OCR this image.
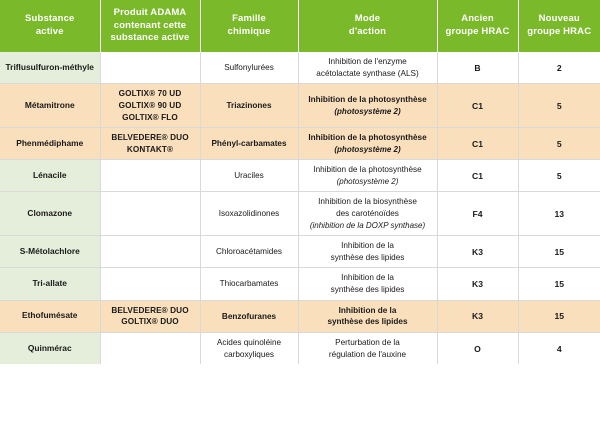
Substance
active	Produit ADAMA
contenant cette
substance active	Famille
chimique	Mode
d'action	Ancien
groupe HRAC	Nouveau
groupe HRAC

Triflusulfuron-méthyle		Sulfonylurées	Inhibition de l'enzyme
acétolactate synthase (ALS)	B	2
Métamitrone	GOLTIX® 70 UD
GOLTIX® 90 UD
GOLTIX® FLO	Triazinones	Inhibition de la photosynthèse
(photosystème 2)	C1	5
Phenmédiphame	BELVEDERE® DUO
KONTAKT®	Phényl-carbamates	Inhibition de la photosynthèse
(photosystème 2)	C1	5
Lénacile		Uraciles	Inhibition de la photosynthèse
(photosystème 2)	C1	5
Clomazone		Isoxazolidinones	Inhibition de la biosynthèse
des caroténoïdes
(inhibition de la DOXP synthase)	F4	13
S-Métolachlore		Chloroacétamides	Inhibition de la
synthèse des lipides	K3	15
Tri-allate		Thiocarbamates	Inhibition de la
synthèse des lipides	K3	15
Ethofumésate	BELVEDERE® DUO
GOLTIX® DUO	Benzofuranes	Inhibition de la
synthèse des lipides	K3	15
Quinmérac		Acides quinoléine
carboxyliques	Perturbation de la
régulation de l'auxine	O	4
